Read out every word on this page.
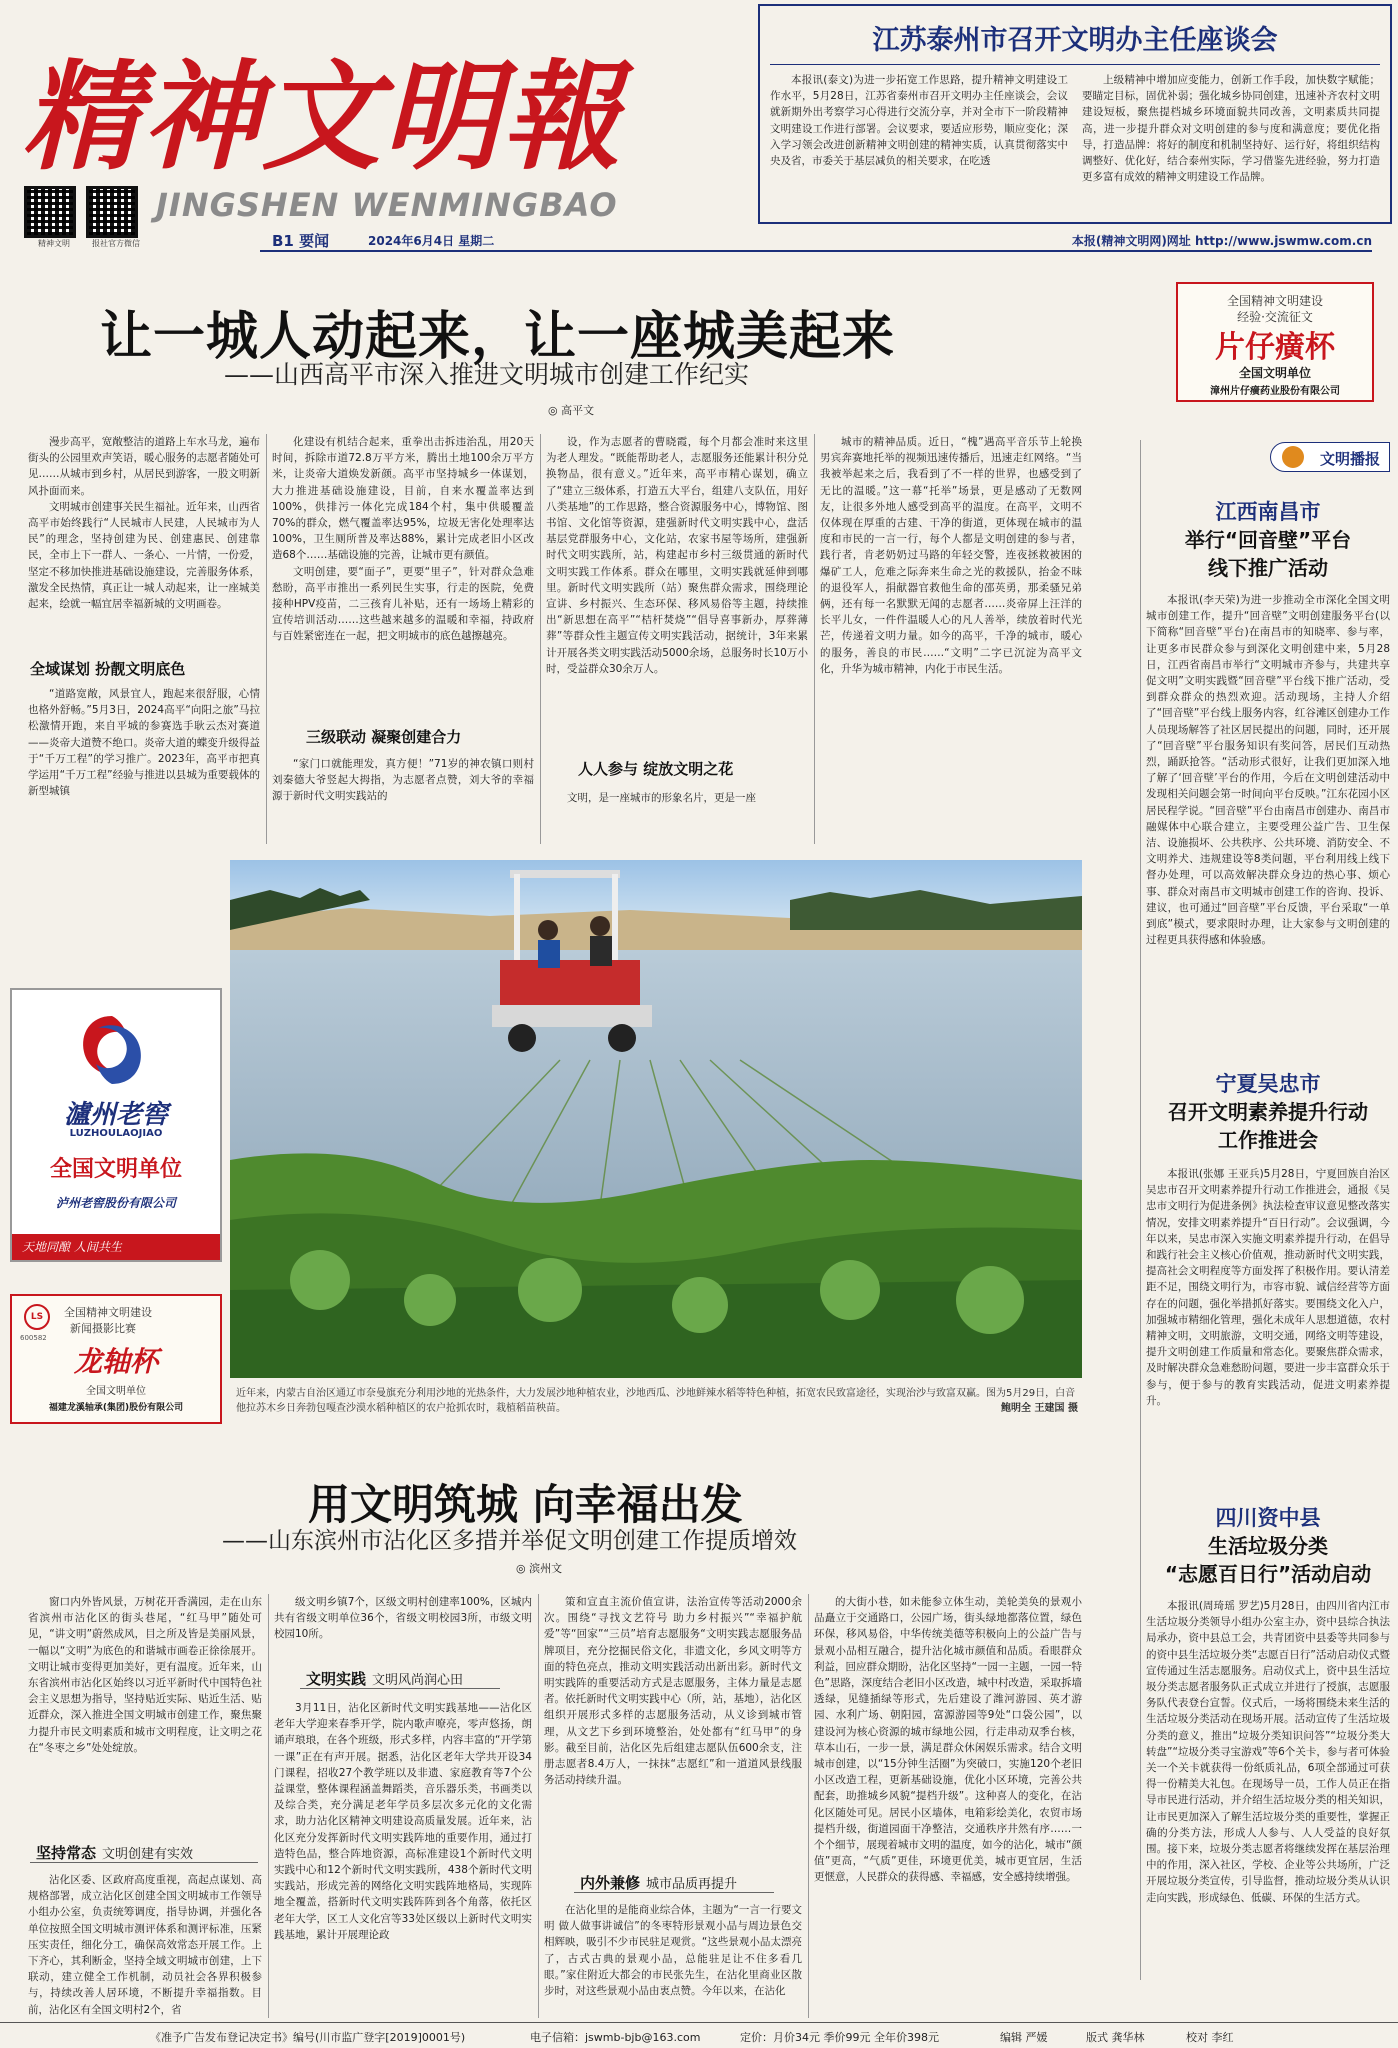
精神文明報
JINGSHEN WENMINGBAO
精神文明	报社官方微信	B1 要闻	2024年6月4日 星期二	本报(精神文明网)网址 http://www.jswmw.com.cn
江苏泰州市召开文明办主任座谈会

本报讯(泰文)为进一步拓宽工作思路，提升精神文明建设工作水平，5月28日，江苏省泰州市召开文明办主任座谈会，会议就新期外出考察学习心得进行交流分享，并对全市下一阶段精神文明建设工作进行部署。会议要求，要适应形势，顺应变化；深入学习领会改进创新精神文明创建的精神实质，认真贯彻落实中央及省，市委关于基层减负的相关要求，在吃透

上级精神中增加应变能力，创新工作手段，加快数字赋能；要瞄定目标，固优补弱；强化城乡协同创建，迅速补齐农村文明建设短板，聚焦提档城乡环境面貌共同改善，文明素质共同提高，进一步提升群众对文明创建的参与度和满意度；要优化指导，打造品牌：将好的制度和机制坚持好、运行好，将组织结构调整好、优化好，结合泰州实际，学习借鉴先进经验，努力打造更多富有成效的精神文明建设工作品牌。

让一城人动起来，让一座城美起来
——山西高平市深入推进文明城市创建工作纪实
◎ 高平文
全国精神文明建设
经验·交流征文
片仔癀杯
全国文明单位
漳州片仔癀药业股份有限公司

漫步高平，宽敞整洁的道路上车水马龙，遍布街头的公园里欢声笑语，暖心服务的志愿者随处可见……从城市到乡村，从居民到游客，一股文明新风扑面而来。

文明城市创建事关民生福祉。近年来，山西省高平市始终践行“人民城市人民建，人民城市为人民”的理念，坚持创建为民、创建惠民、创建靠民，全市上下一群人、一条心、一片情，一份爱，坚定不移加快推进基础设施建设，完善服务体系，激发全民热情，真正让一城人动起来，让一座城美起来，绘就一幅宜居幸福新城的文明画卷。

全域谋划 扮靓文明底色

“道路宽敞，风景宜人，跑起来很舒服，心情也格外舒畅。”5月3日，2024高平“向阳之旅”马拉松激情开跑，来自平城的参赛选手耿云杰对赛道——炎帝大道赞不绝口。炎帝大道的蝶变升级得益于“千万工程”的学习推广。2023年，高平市把真学运用“千万工程”经验与推进以县城为重要载体的新型城镇

化建设有机结合起来，重拳出击拆违治乱，用20天时间，拆除市道72.8万平方米，腾出土地100余万平方米，让炎帝大道焕发新颜。高平市坚持城乡一体谋划，大力推进基础设施建设，目前，自来水覆盖率达到100%，供排污一体化完成184个村，集中供暖覆盖70%的群众，燃气覆盖率达95%，垃圾无害化处理率达100%，卫生厕所普及率达88%，累计完成老旧小区改造68个……基础设施的完善，让城市更有颜值。

文明创建，要“面子”，更要“里子”，针对群众急难愁盼，高平市推出一系列民生实事，行走的医院，免费接种HPV疫苗，二三孩育儿补贴，还有一场场上精彩的宣传培训活动……这些越来越多的温暖和幸福，持政府与百姓紧密连在一起，把文明城市的底色越擦越亮。

三级联动 凝聚创建合力

“家门口就能理发，真方便！”71岁的神农镇口则村刘秦德大爷竖起大拇指，为志愿者点赞，刘大爷的幸福源于新时代文明实践站的

设，作为志愿者的曹晓霞，每个月都会准时来这里为老人理发。“既能帮助老人，志愿服务还能累计积分兑换物品，很有意义。”近年来，高平市精心谋划，确立了“建立三级体系，打造五大平台，组建八支队伍，用好八类基地”的工作思路，整合资源服务中心，博物馆、图书馆、文化馆等资源，建强新时代文明实践中心，盘活基层党群服务中心，文化站，农家书屋等场所，建强新时代文明实践所，站，构建起市乡村三级贯通的新时代文明实践工作体系。群众在哪里，文明实践就延伸到哪里。新时代文明实践所（站）聚焦群众需求，围绕理论宣讲、乡村振兴、生态环保、移风易俗等主题，持续推出“新思想在高平”“桔杆焚烧”“倡导喜事新办，厚葬薄葬”等群众性主题宣传文明实践活动，据统计，3年来累计开展各类文明实践活动5000余场，总服务时长10万小时，受益群众30余万人。

人人参与 绽放文明之花

文明，是一座城市的形象名片，更是一座

城市的精神品质。近日，“槐”遇高平音乐节上轮换男宾奔赛地托举的视频迅速传播后，迅速走红网络。“当我被举起来之后，我看到了不一样的世界，也感受到了无比的温暖。”这一幕“托举”场景，更是感动了无数网友，让很多外地人感受到高平的温度。在高平，文明不仅体现在厚重的古建、干净的街道，更体现在城市的温度和市民的一言一行，每个人都是文明创建的参与者，践行者，肯老奶奶过马路的年轻交警，连夜拯救被困的爆矿工人，危难之际奔来生命之光的救援队，抬金不昧的退役军人，捐献器官救他生命的邵英勇，那柔骚兄弟俩，还有每一名默默无闻的志愿者……炎帝屏上汪洋的长平儿女，一件件温暖人心的凡人善举，续放着时代光芒，传递着文明力量。如今的高平，千净的城市，暖心的服务，善良的市民……“文明”二字已沉淀为高平文化，升华为城市精神，内化于市民生活。

文明播报
江西南昌市
举行“回音壁”平台
线下推广活动

本报讯(李天荣)为进一步推动全市深化全国文明城市创建工作，提升“回音壁”文明创建服务平台(以下简称“回音壁”平台)在南昌市的知晓率、参与率，让更多市民群众参与到深化文明创建中来，5月28日，江西省南昌市举行“文明城市齐参与，共建共享促文明”文明实践暨“回音壁”平台线下推广活动，受到群众群众的热烈欢迎。活动现场，主持人介绍了“回音壁”平台线上服务内容，红谷滩区创建办工作人员现场解答了社区居民提出的问题，同时，还开展了“回音壁”平台服务知识有奖问答，居民们互动热烈，踊跃抢答。“活动形式很好，让我们更加深入地了解了‘回音壁’平台的作用，今后在文明创建活动中发现相关问题会第一时间向平台反映。”江东花园小区居民程学说。“回音壁”平台由南昌市创建办、南昌市融媒体中心联合建立，主要受理公益广告、卫生保洁、设施损坏、公共秩序、公共环境、消防安全、不文明养犬、违规建设等8类问题，平台利用线上线下督办处理，可以高效解决群众身边的热心事、烦心事、群众对南昌市文明城市创建工作的咨询、投诉、建议，也可通过“回音壁”平台反馈，平台采取“一单到底”模式，要求限时办理，让大家参与文明创建的过程更具获得感和体验感。

宁夏吴忠市
召开文明素养提升行动
工作推进会

本报讯(张娜 王亚兵)5月28日，宁夏回族自治区吴忠市召开文明素养提升行动工作推进会，通报《吴忠市文明行为促进条例》执法检查审议意见整改落实情况，安排文明素养提升“百日行动”。会议强调，今年以来，吴忠市深入实施文明素养提升行动，在倡导和践行社会主义核心价值观，推动新时代文明实践，提高社会文明程度等方面发挥了积极作用。要认清差距不足，围绕文明行为，市容市貌、诚信经营等方面存在的问题，强化举措抓好落实。要围绕文化入户，加强城市精细化管理，强化未成年人思想道德，农村精神文明，文明旅游，文明交通，网络文明等建设，提升文明创建工作质量和常态化。要聚焦群众需求，及时解决群众急难愁盼问题，要进一步丰富群众乐于参与，便于参与的教育实践活动，促进文明素养提升。

四川资中县
生活垃圾分类
“志愿百日行”活动启动

本报讯(周琦瑶 罗艺)5月28日，由四川省内江市生活垃圾分类领导小组办公室主办，资中县综合执法局承办，资中县总工会，共青团资中县委等共同参与的资中县生活垃圾分类“志愿百日行”活动启动仪式暨宣传通过生活志愿服务。启动仪式上，资中县生活垃圾分类志愿者服务队正式成立并进行了授旗，志愿服务队代表登台宣誓。仪式后，一场将围绕未来生活的生活垃圾分类活动在现场开展。活动宣传了生活垃圾分类的意义，推出“垃圾分类知识问答”“垃圾分类大转盘”“垃圾分类寻宝游戏”等6个关卡，参与者可体验关一个关卡就获得一份纸质礼品，6项全部通过可获得一份精美大礼包。在现场导一员，工作人员正在指导市民进行活动，并介绍生活垃圾分类的相关知识，让市民更加深入了解生活垃圾分类的重要性，掌握正确的分类方法，形成人人参与、人人受益的良好氛围。接下来，垃圾分类志愿者将继续发挥在基层治理中的作用，深入社区，学校、企业等公共场所，广泛开展垃圾分类宣传，引导监督，推动垃圾分类从认识走向实践，形成绿色、低碳、环保的生活方式。

瀘州老窖
LUZHOULAOJIAO
全国文明单位
泸州老窖股份有限公司
天地同酿 人间共生
LS
600582
全国精神文明建设
新闻摄影比赛
龙轴杯
全国文明单位
福建龙溪轴承(集团)股份有限公司
近年来，内蒙古自治区通辽市奈曼旗充分利用沙地的光热条件，大力发展沙地种植农业，沙地西瓜、沙地鲜辣水稻等特色种植，拓宽农民致富途径，实现治沙与致富双赢。图为5月29日，白音他拉苏木乡日奔勃包嘎查沙漠水稻种植区的农户抢抓农时，栽植稻苗秧苗。	鲍明全 王建国 摄
用文明筑城 向幸福出发
——山东滨州市沾化区多措并举促文明创建工作提质增效
◎ 滨州文

窗口内外皆风景，万树花开香满园，走在山东省滨州市沾化区的街头巷尾，“红马甲”随处可见，“讲文明”蔚然成风，目之所及皆是美丽风景，一幅以“文明”为底色的和谐城市画卷正徐徐展开。文明让城市变得更加美好，更有温度。近年来，山东省滨州市沾化区始终以习近平新时代中国特色社会主义思想为指导，坚持贴近实际、贴近生活、贴近群众，深入推进全国文明城市创建工作，聚焦聚力提升市民文明素质和城市文明程度，让文明之花在“冬枣之乡”处处绽放。

坚持常态 文明创建有实效

沾化区委、区政府高度重视，高起点谋划、高规格部署，成立沾化区创建全国文明城市工作领导小组办公室，负责统筹调度，指导协调，并强化各单位按照全国文明城市测评体系和测评标准，压紧压实责任，细化分工，确保高效常态开展工作。上下齐心，其利断金，坚持全域文明城市创建，上下联动，建立健全工作机制，动员社会各界积极参与，持续改善人居环境，不断提升幸福指数。目前，沾化区有全国文明村2个，省

级文明乡镇7个，区级文明村创建率100%，区城内共有省级文明单位36个，省级文明校园3所，市级文明校园10所。

文明实践 文明风尚润心田

3月11日，沾化区新时代文明实践基地——沾化区老年大学迎来春季开学，院内歌声嘹亮，零声悠扬，朗诵声琅琅，在各个班级，形式多样，内容丰富的“开学第一课”正在有声开展。据悉，沾化区老年大学共开设34门课程，招收27个教学班以及非遗、家庭教育等7个公益课堂，整体课程涵盖舞蹈类，音乐器乐类，书画类以及综合类，充分满足老年学员多层次多元化的文化需求，助力沾化区精神文明建设高质量发展。近年来，沾化区充分发挥新时代文明实践阵地的重要作用，通过打造特色品，整合阵地资源，高标准建设1个新时代文明实践中心和12个新时代文明实践所，438个新时代文明实践站，形成完善的网络化文明实践阵地格局，实现阵地全覆盖，搭新时代文明实践阵阵到各个角落，依托区老年大学，区工人文化宫等33处区级以上新时代文明实践基地，累计开展理论政

策和宣直主流价值宣讲，法治宣传等活动2000余次。围绕“寻找文艺符号 助力乡村振兴”“幸福护航 爱”等“回家”“三员”培育志愿服务“文明实践志愿服务品牌项目，充分挖掘民俗文化，非遗文化，乡风文明等方面的特色亮点，推动文明实践活动出新出彩。新时代文明实践阵的重要活动方式是志愿服务，主体力量是志愿者。依托新时代文明实践中心（所，站，基地），沾化区组织开展形式多样的志愿服务活动，从义诊到城市管理，从文艺下乡到环境整治，处处都有“红马甲”的身影。截至目前，沾化区先后组建志愿队伍600余支，注册志愿者8.4万人，一抹抹“志愿红”和一道道风景线服务活动持续升温。

内外兼修 城市品质再提升

在沾化里的是能商业综合体，主题为“一言一行要文明 做人做事讲诚信”的冬枣特形景观小品与周边景色交相辉映，吸引不少市民驻足观赏。“这些景观小品太漂亮了，古式古典的景观小品，总能驻足让不住多看几眼。”家住附近大都会的市民张先生，在沾化里商业区散步时，对这些景观小品由衷点赞。今年以来，在沾化

的大街小巷，如未能参立体生动，美轮美奂的景观小品矗立于交通路口，公园广场，街头绿地都落位置，绿色环保，移风易俗，中华传统美德等积极向上的公益广告与景观小品相互融合，提升沾化城市颜值和品质。看眼群众利益，回应群众期盼，沾化区坚持“一园一主题，一园一特色”思路，深度结合老旧小区改造，城中村改造，采取拆墙透绿，见缝插绿等形式，先后建设了潍河游园、英才游园、水利广场、朝阳园，富源游园等9处“口袋公园”，以建设河为核心资源的城市绿地公园，行走串动双季台核，草本山石，一步一景，满足群众休闲娱乐需求。结合文明城市创建，以“15分钟生活圈”为突破口，实施120个老旧小区改造工程，更新基础设施，优化小区环境，完善公共配套，助推城乡风貌“提档升级”。这种喜人的变化，在沾化区随处可见。居民小区墙体，电箱彩绘美化，农贸市场提档升级，街道园面干净整洁，交通秩序井然有序……一个个细节，展现着城市文明的温度，如今的沾化，城市“颜值”更高，“气质”更佳，环境更优美，城市更宜居，生活更惬意，人民群众的获得感、幸福感，安全感持续增强。

《准予广告发布登记决定书》编号(川市监广登字[2019]0001号)	电子信箱：jswmb-bjb@163.com	定价：月价34元 季价99元 全年价398元	编辑 严媛	版式 龚华林	校对 李红
